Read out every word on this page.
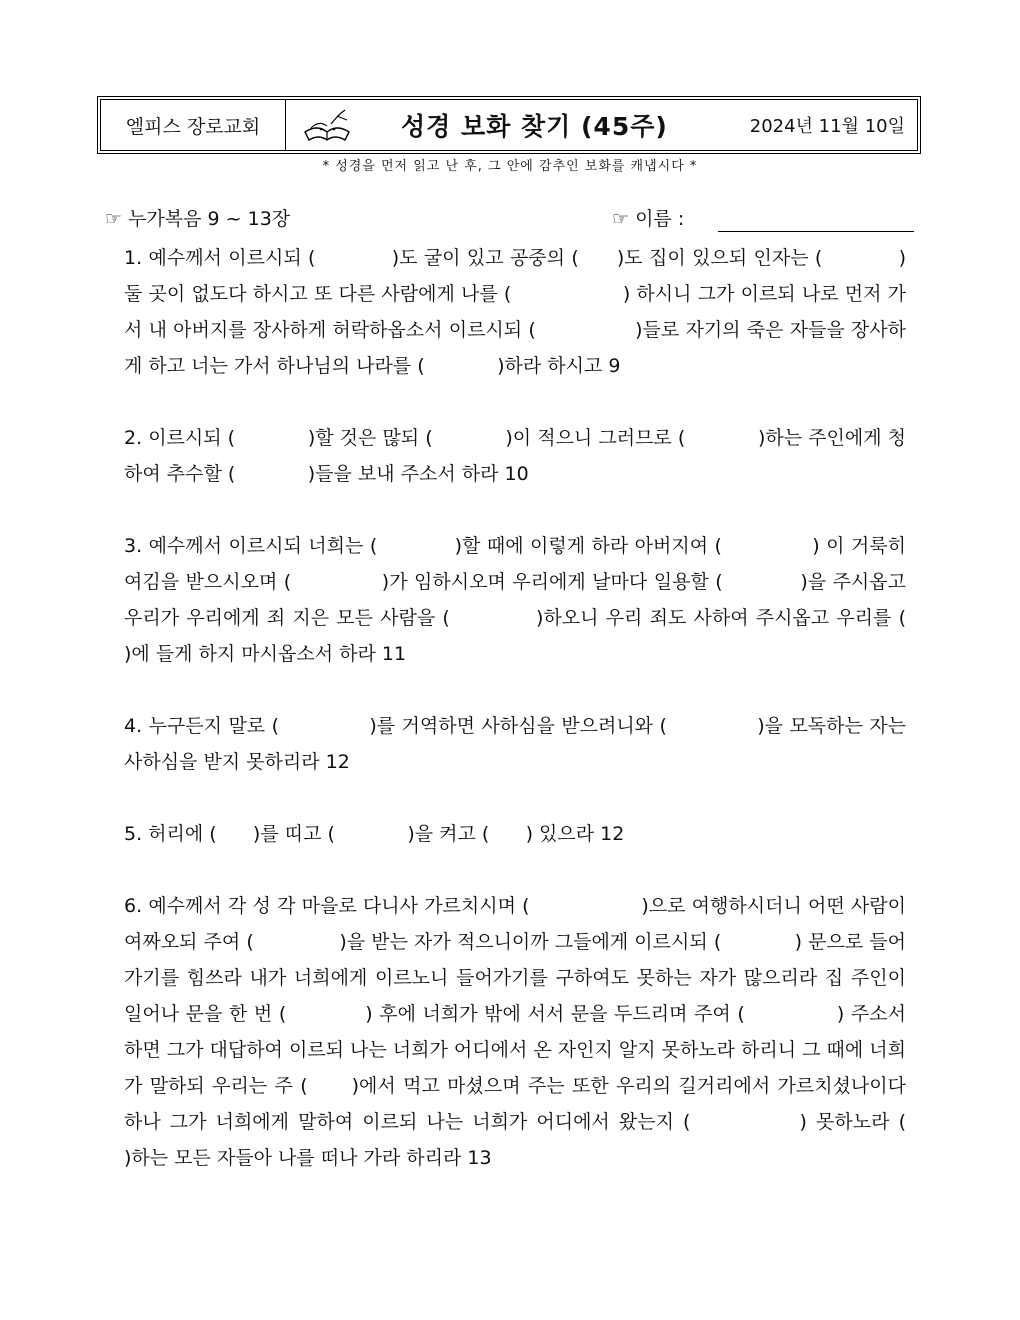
엘피스 장로교회	성경 보화 찾기 (45주)	2024년 11월 10일
* 성경을 먼저 읽고 난 후, 그 안에 감추인 보화를 캐냅시다 *
☞ 누가복음 9 ~ 13장	☞ 이름 :
1. 예수께서 이르시되 (            )도 굴이 있고 공중의 (      )도 집이 있으되 인자는 (            ) 둘 곳이 없도다 하시고 또 다른 사람에게 나를 (                  ) 하시니 그가 이르되 나로 먼저 가서 내 아버지를 장사하게 허락하옵소서 이르시되 (                )들로 자기의 죽은 자들을 장사하게 하고 너는 가서 하나님의 나라를 (            )하라 하시고 9
2. 이르시되 (            )할 것은 많되 (            )이 적으니 그러므로 (            )하는 주인에게 청하여 추수할 (            )들을 보내 주소서 하라 10
3. 예수께서 이르시되 너희는 (            )할 때에 이렇게 하라 아버지여 (              ) 이 거룩히 여김을 받으시오며 (              )가 임하시오며 우리에게 날마다 일용할 (            )을 주시옵고 우리가 우리에게 죄 지은 모든 사람을 (            )하오니 우리 죄도 사하여 주시옵고 우리를 (              )에 들게 하지 마시옵소서 하라 11
4. 누구든지 말로 (              )를 거역하면 사하심을 받으려니와 (              )을 모독하는 자는 사하심을 받지 못하리라 12
5. 허리에 (      )를 띠고 (            )을 켜고 (      ) 있으라 12
6. 예수께서 각 성 각 마을로 다니사 가르치시며 (                  )으로 여행하시더니 어떤 사람이 여짜오되 주여 (              )을 받는 자가 적으니이까 그들에게 이르시되 (            ) 문으로 들어가기를 힘쓰라 내가 너희에게 이르노니 들어가기를 구하여도 못하는 자가 많으리라 집 주인이 일어나 문을 한 번 (            ) 후에 너희가 밖에 서서 문을 두드리며 주여 (              ) 주소서 하면 그가 대답하여 이르되 나는 너희가 어디에서 온 자인지 알지 못하노라 하리니 그 때에 너희가 말하되 우리는 주 (      )에서 먹고 마셨으며 주는 또한 우리의 길거리에서 가르치셨나이다 하나 그가 너희에게 말하여 이르되 나는 너희가 어디에서 왔는지 (            ) 못하노라 (            )하는 모든 자들아 나를 떠나 가라 하리라 13
